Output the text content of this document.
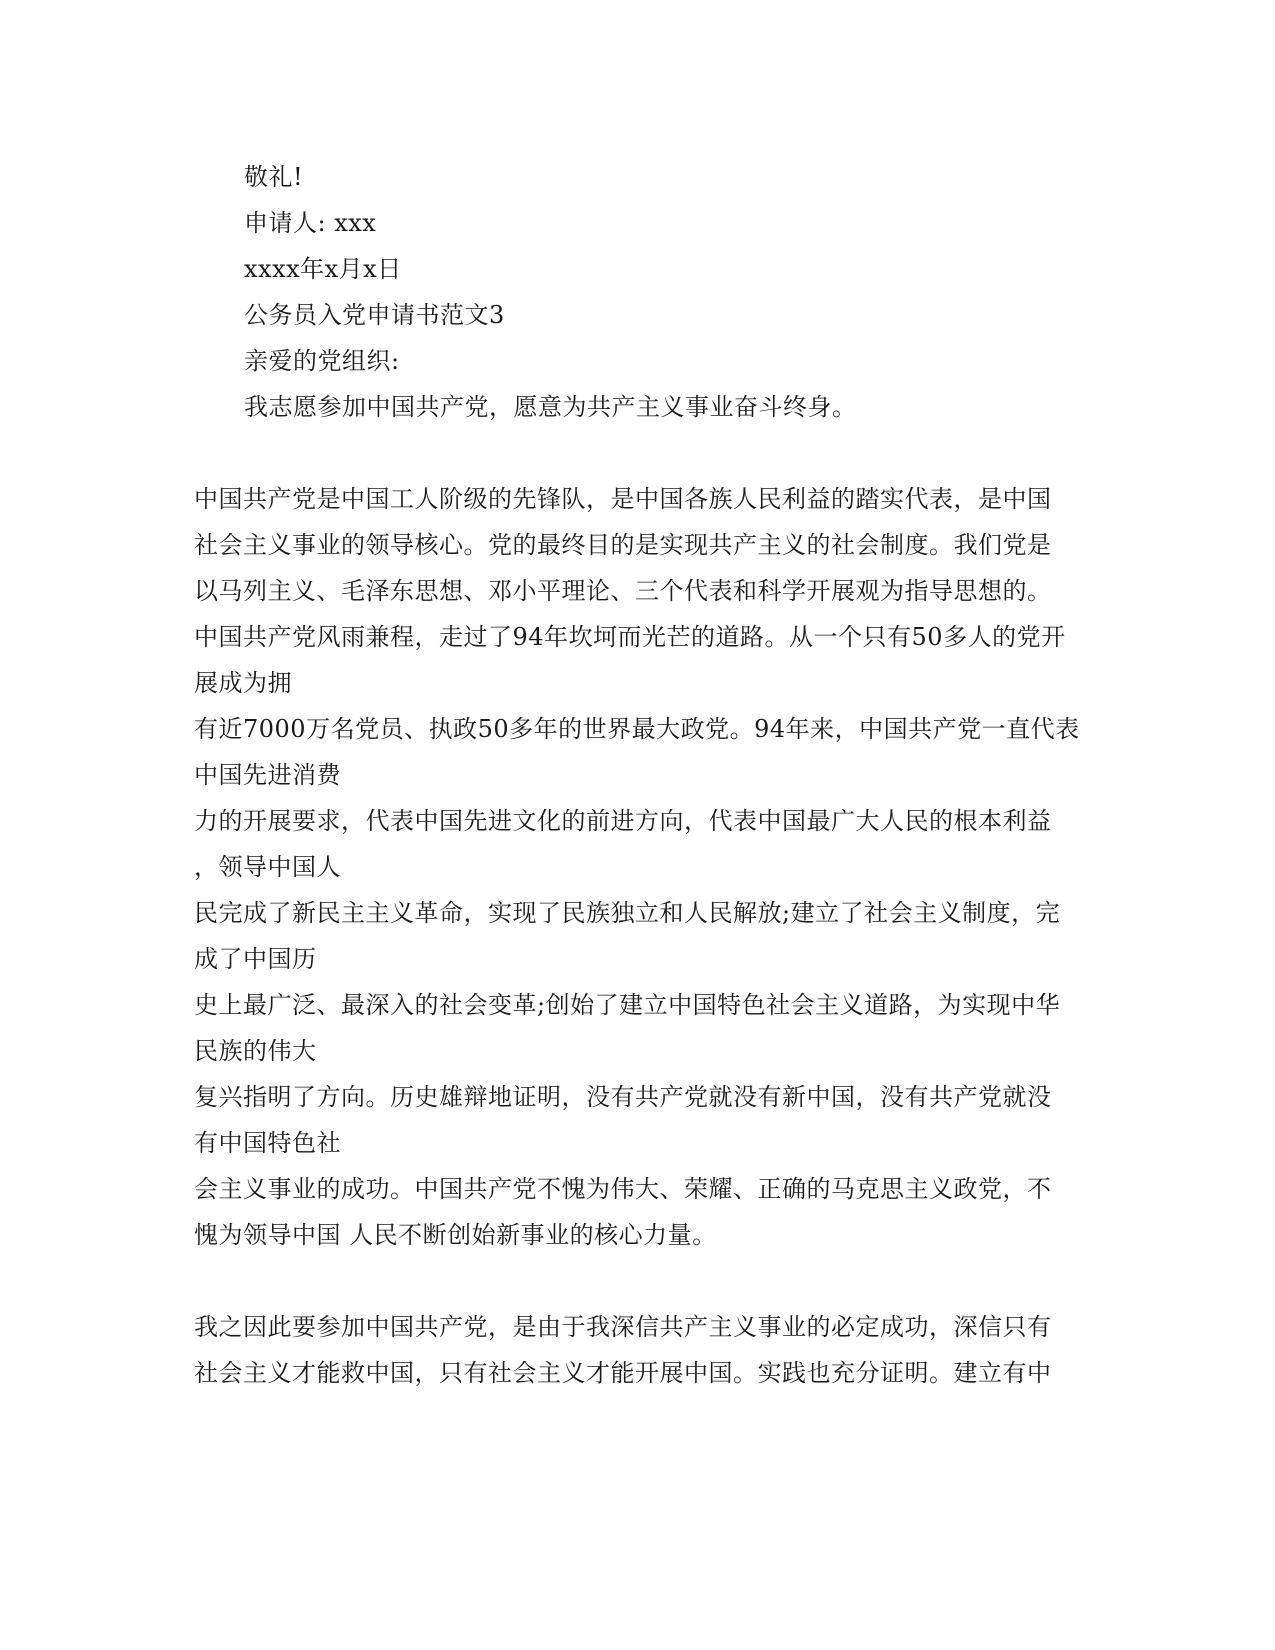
敬礼!
申请人: xxx
xxxx年x月x日
公务员入党申请书范文3
亲爱的党组织:
我志愿参加中国共产党，愿意为共产主义事业奋斗终身。
中国共产党是中国工人阶级的先锋队，是中国各族人民利益的踏实代表，是中国
社会主义事业的领导核心。党的最终目的是实现共产主义的社会制度。我们党是
以马列主义、毛泽东思想、邓小平理论、三个代表和科学开展观为指导思想的。
中国共产党风雨兼程，走过了94年坎坷而光芒的道路。从一个只有50多人的党开
展成为拥
有近7000万名党员、执政50多年的世界最大政党。94年来，中国共产党一直代表
中国先进消费
力的开展要求，代表中国先进文化的前进方向，代表中国最广大人民的根本利益
，领导中国人
民完成了新民主主义革命，实现了民族独立和人民解放;建立了社会主义制度，完
成了中国历
史上最广泛、最深入的社会变革;创始了建立中国特色社会主义道路，为实现中华
民族的伟大
复兴指明了方向。历史雄辩地证明，没有共产党就没有新中国，没有共产党就没
有中国特色社
会主义事业的成功。中国共产党不愧为伟大、荣耀、正确的马克思主义政党，不
愧为领导中国 人民不断创始新事业的核心力量。
我之因此要参加中国共产党，是由于我深信共产主义事业的必定成功，深信只有
社会主义才能救中国，只有社会主义才能开展中国。实践也充分证明。建立有中
